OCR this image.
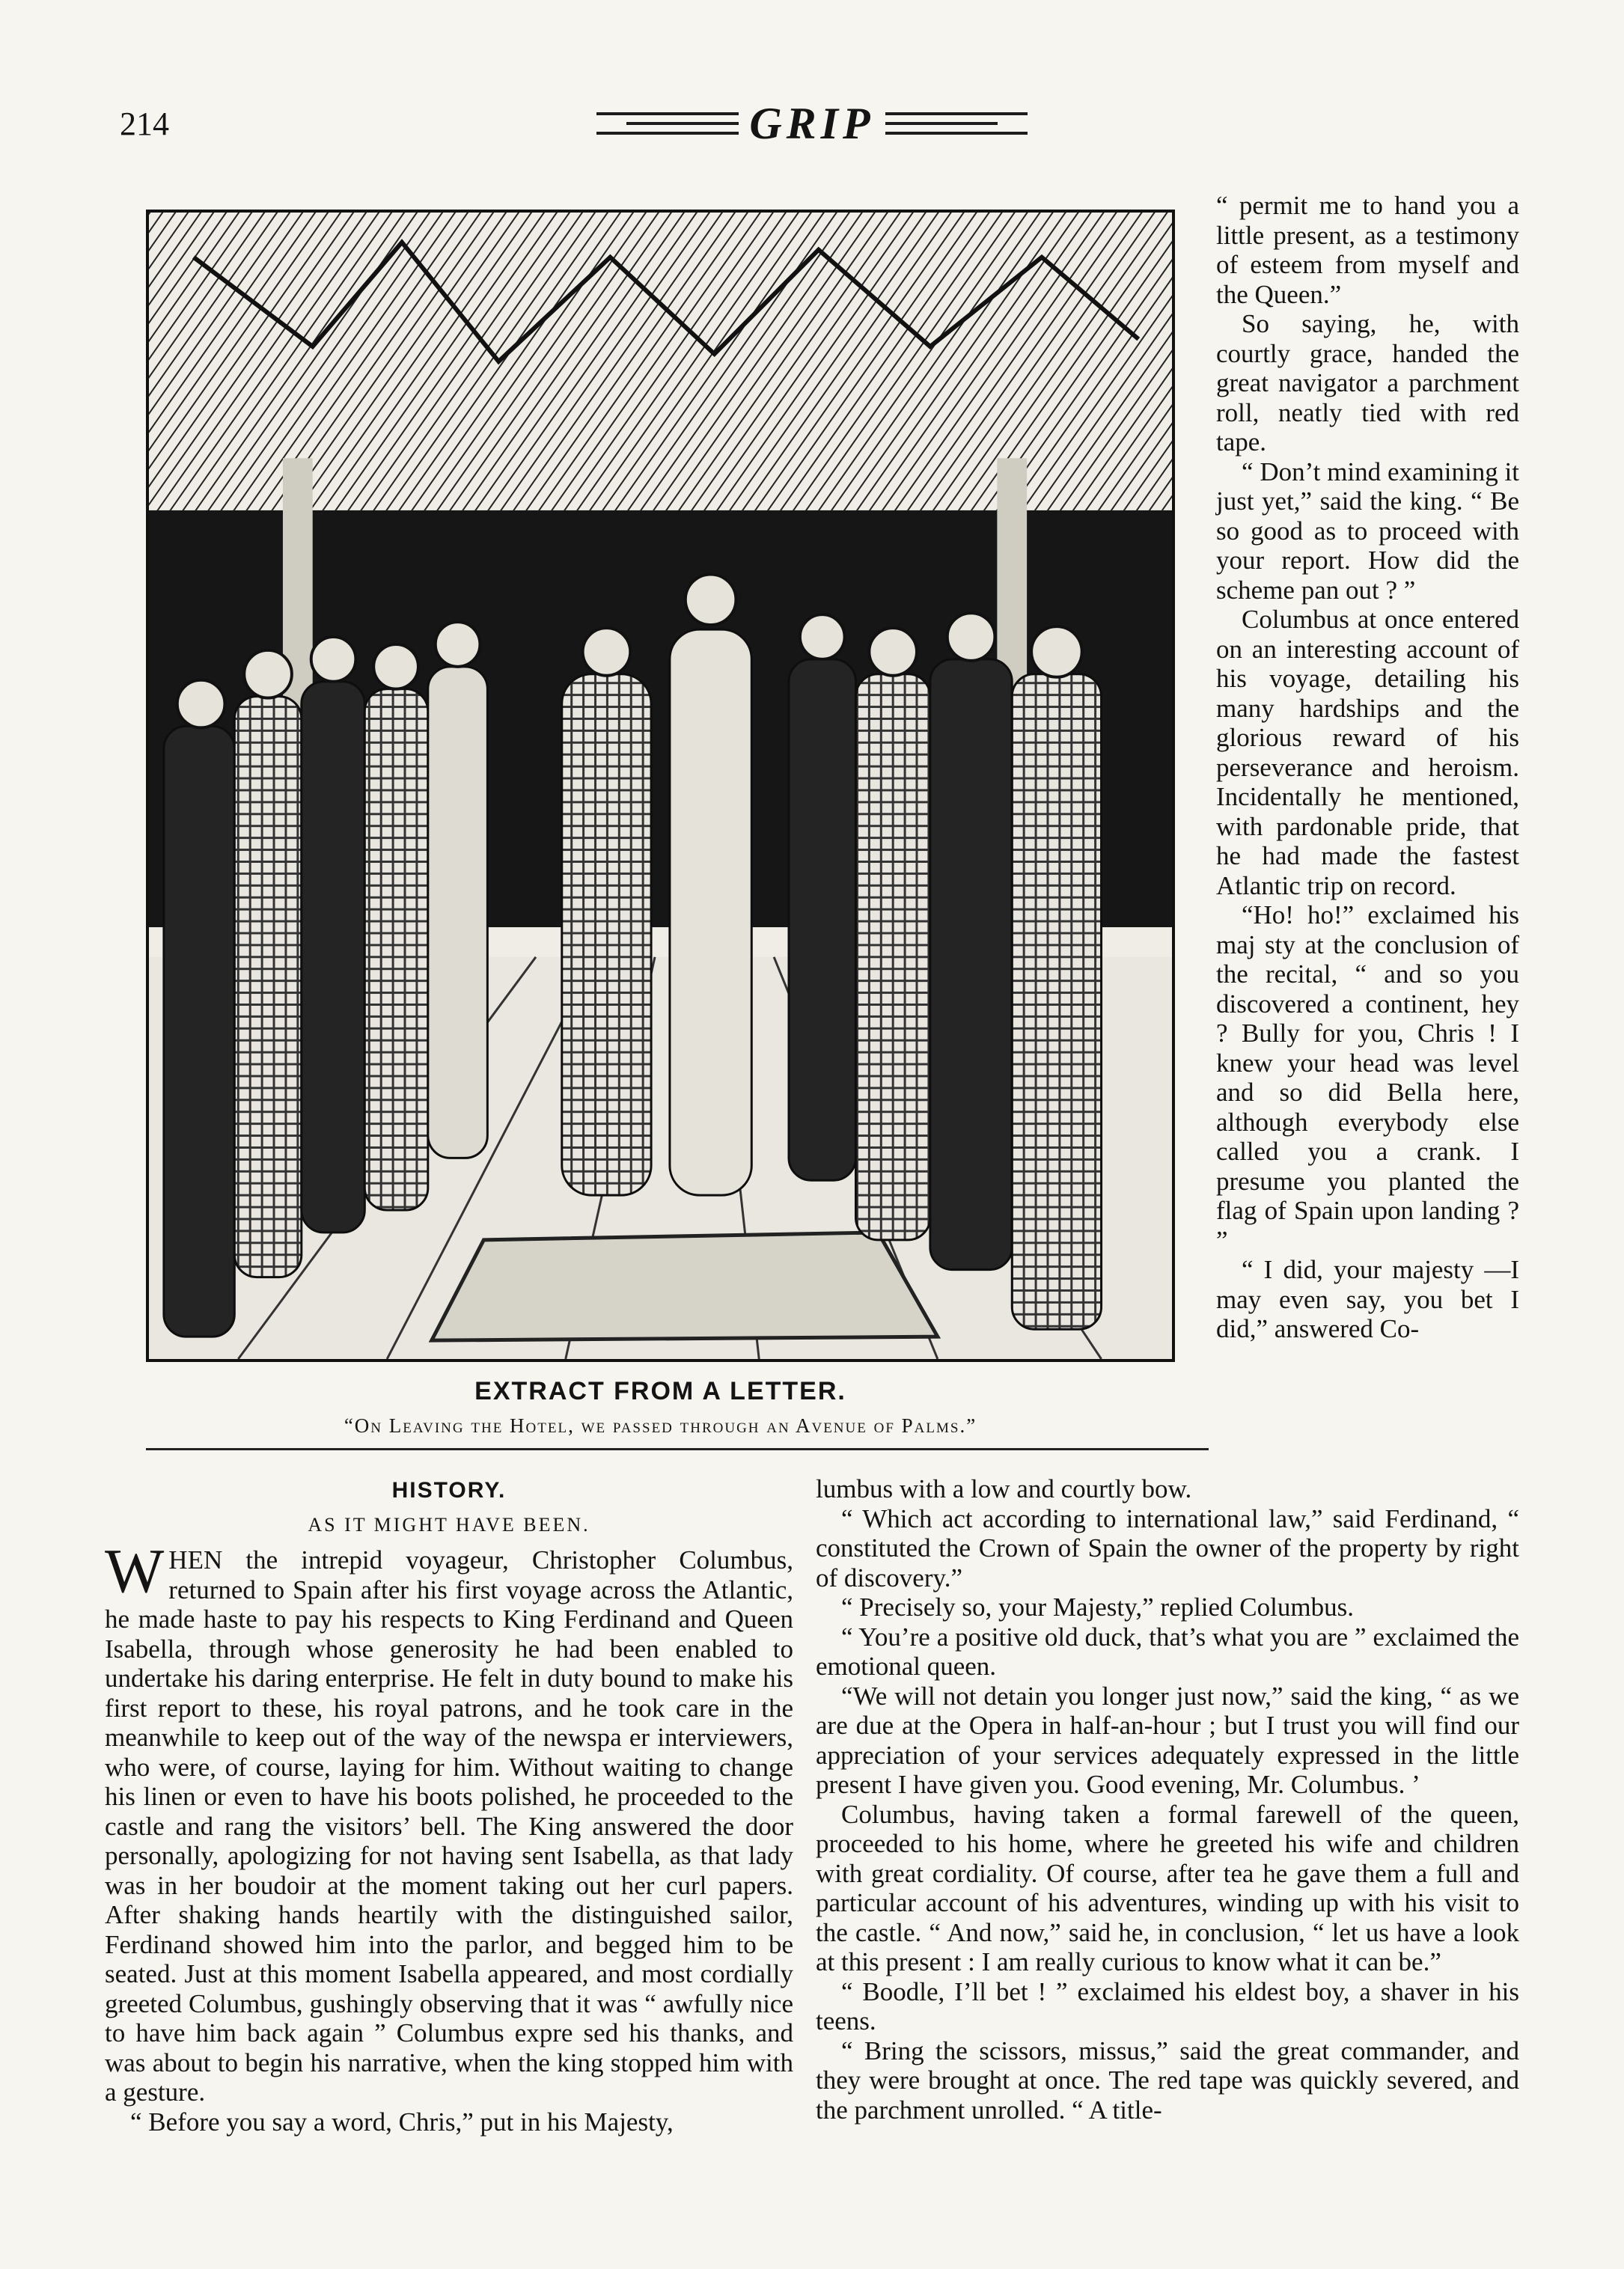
214	GRIP
EXTRACT FROM A LETTER.
“On Leaving the Hotel, we passed through an Avenue of Palms.”

“ permit me to hand you a little present, as a testimony of esteem from myself and the Queen.”

So saying, he, with courtly grace, handed the great navigator a parchment roll, neatly tied with red tape.

“ Don’t mind examining it just yet,” said the king. “ Be so good as to proceed with your report. How did the scheme pan out ? ”

Columbus at once entered on an interesting account of his voyage, detailing his many hardships and the glorious reward of his perseverance and heroism. Incidentally he mentioned, with pardonable pride, that he had made the fastest Atlantic trip on record.

“Ho! ho!” exclaimed his maj sty at the conclusion of the recital, “ and so you discovered a continent, hey ? Bully for you, Chris ! I knew your head was level and so did Bella here, although everybody else called you a crank. I presume you planted the flag of Spain upon landing ? ”

“ I did, your majesty —I may even say, you bet I did,” answered Co-

HISTORY.
AS IT MIGHT HAVE BEEN.

WHEN the intrepid voyageur, Christopher Columbus, returned to Spain after his first voyage across the Atlantic, he made haste to pay his respects to King Ferdinand and Queen Isabella, through whose generosity he had been enabled to undertake his daring enterprise. He felt in duty bound to make his first report to these, his royal patrons, and he took care in the meanwhile to keep out of the way of the newspa er interviewers, who were, of course, laying for him. Without waiting to change his linen or even to have his boots polished, he proceeded to the castle and rang the visitors’ bell. The King answered the door personally, apologizing for not having sent Isabella, as that lady was in her boudoir at the moment taking out her curl papers. After shaking hands heartily with the distinguished sailor, Ferdinand showed him into the parlor, and begged him to be seated. Just at this moment Isabella appeared, and most cordially greeted Columbus, gushingly observing that it was “ awfully nice to have him back again ” Columbus expre sed his thanks, and was about to begin his narrative, when the king stopped him with a gesture.

“ Before you say a word, Chris,” put in his Majesty,

lumbus with a low and courtly bow.

“ Which act according to international law,” said Ferdinand, “ constituted the Crown of Spain the owner of the property by right of discovery.”

“ Precisely so, your Majesty,” replied Columbus.

“ You’re a positive old duck, that’s what you are ” exclaimed the emotional queen.

“We will not detain you longer just now,” said the king, “ as we are due at the Opera in half-an-hour ; but I trust you will find our appreciation of your services adequately expressed in the little present I have given you. Good evening, Mr. Columbus. ’

Columbus, having taken a formal farewell of the queen, proceeded to his home, where he greeted his wife and children with great cordiality. Of course, after tea he gave them a full and particular account of his adventures, winding up with his visit to the castle. “ And now,” said he, in conclusion, “ let us have a look at this present : I am really curious to know what it can be.”

“ Boodle, I’ll bet ! ” exclaimed his eldest boy, a shaver in his teens.

“ Bring the scissors, missus,” said the great commander, and they were brought at once. The red tape was quickly severed, and the parchment unrolled. “ A title-
